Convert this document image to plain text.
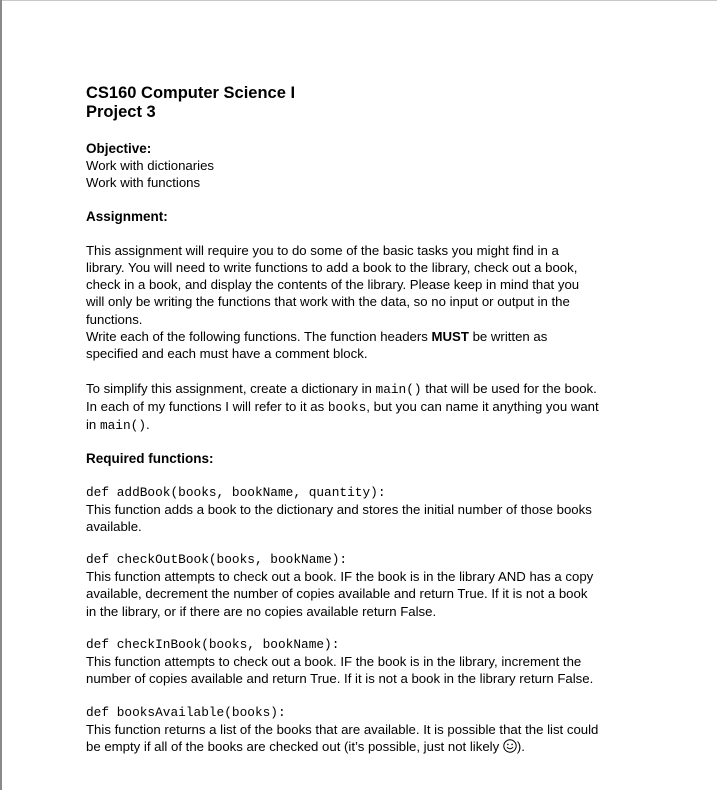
CS160 Computer Science I
Project 3
Objective:
Work with dictionaries
Work with functions
Assignment:
This assignment will require you to do some of the basic tasks you might find in a
library. You will need to write functions to add a book to the library, check out a book,
check in a book, and display the contents of the library. Please keep in mind that you
will only be writing the functions that work with the data, so no input or output in the
functions.
Write each of the following functions. The function headers MUST be written as
specified and each must have a comment block.
To simplify this assignment, create a dictionary in main() that will be used for the book.
In each of my functions I will refer to it as books, but you can name it anything you want
in main().
Required functions:
def addBook(books, bookName, quantity):
This function adds a book to the dictionary and stores the initial number of those books
available.
def checkOutBook(books, bookName):
This function attempts to check out a book. IF the book is in the library AND has a copy
available, decrement the number of copies available and return True. If it is not a book
in the library, or if there are no copies available return False.
def checkInBook(books, bookName):
This function attempts to check out a book. IF the book is in the library, increment the
number of copies available and return True. If it is not a book in the library return False.
def booksAvailable(books):
This function returns a list of the books that are available. It is possible that the list could
be empty if all of the books are checked out (it’s possible, just not likely ).
